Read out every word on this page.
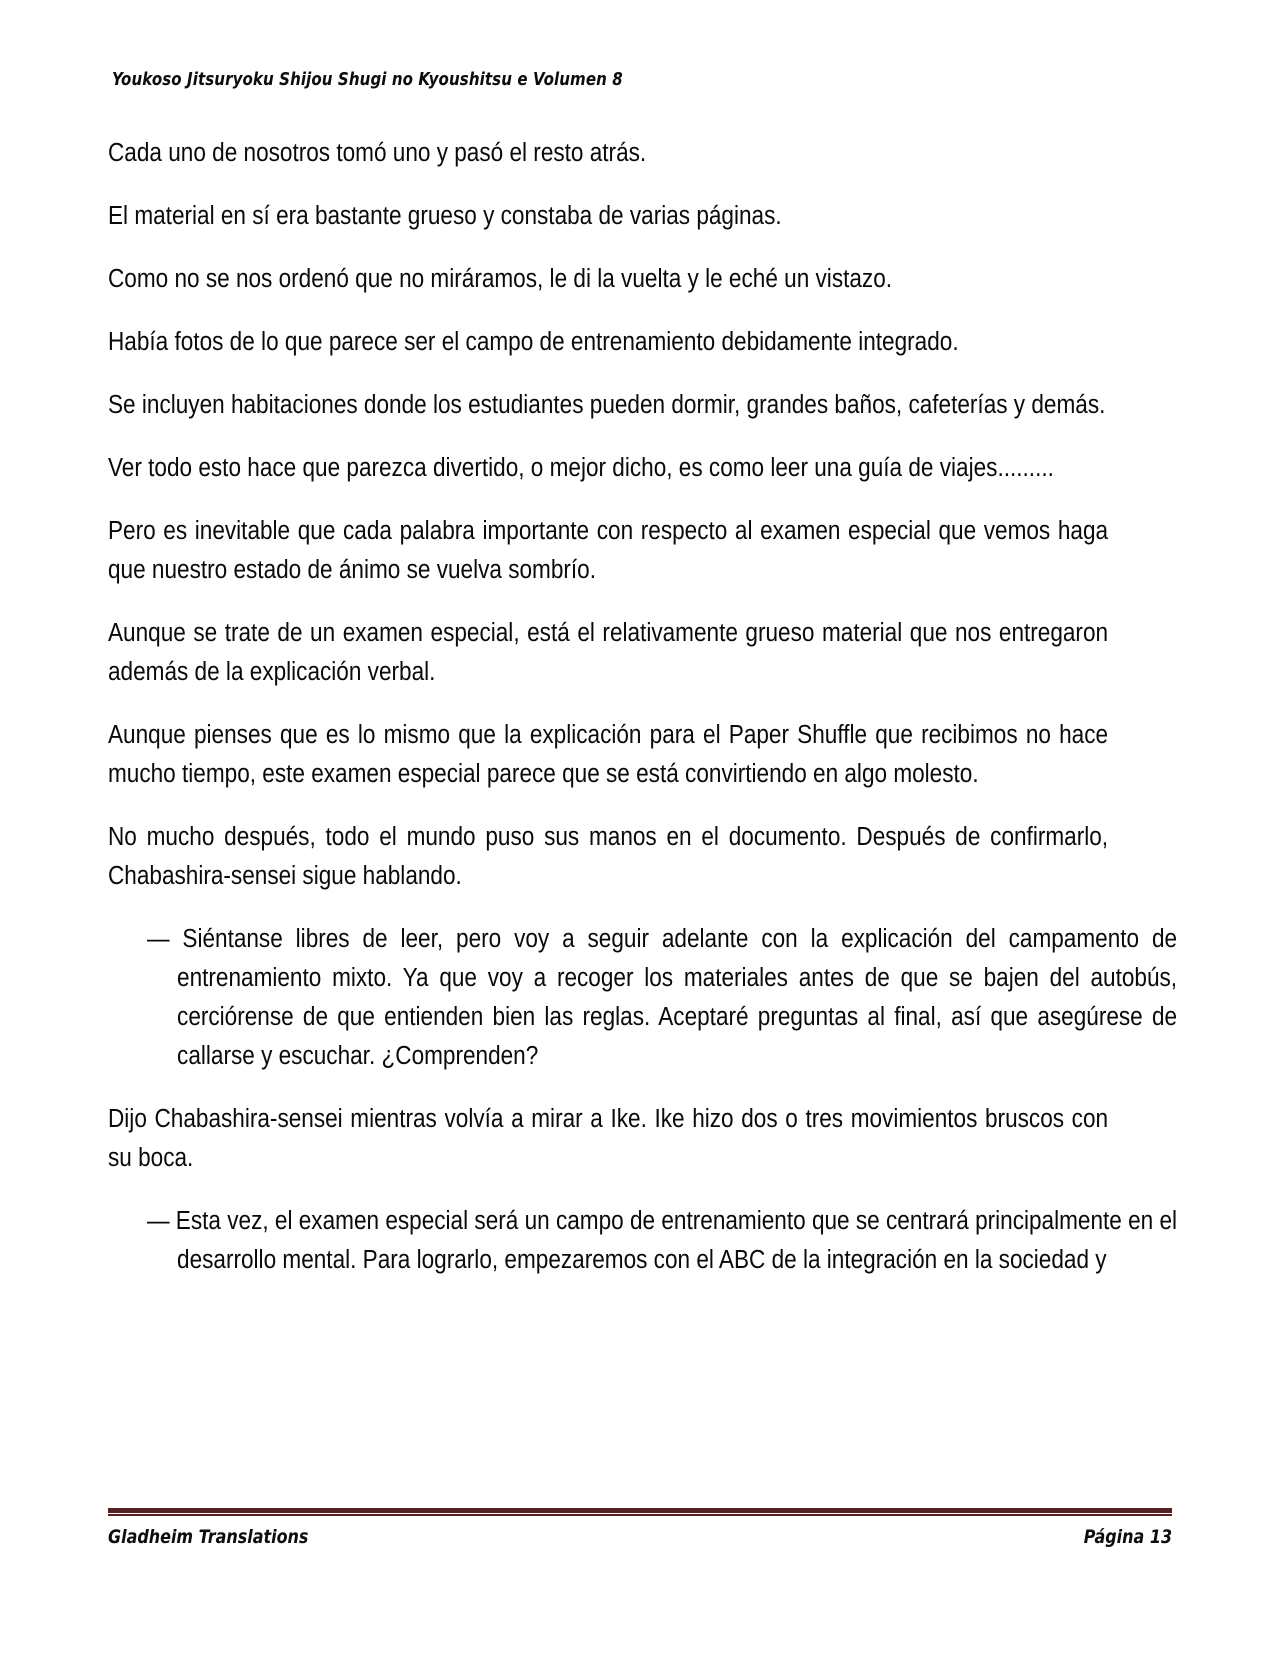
Youkoso Jitsuryoku Shijou Shugi no Kyoushitsu e Volumen 8

Cada uno de nosotros tomó uno y pasó el resto atrás.

El material en sí era bastante grueso y constaba de varias páginas.

Como no se nos ordenó que no miráramos, le di la vuelta y le eché un vistazo.

Había fotos de lo que parece ser el campo de entrenamiento debidamente integrado.

Se incluyen habitaciones donde los estudiantes pueden dormir, grandes baños, cafeterías y demás.

Ver todo esto hace que parezca divertido, o mejor dicho, es como leer una guía de viajes.........

Pero es inevitable que cada palabra importante con respecto al examen especial que vemos haga que nuestro estado de ánimo se vuelva sombrío.

Aunque se trate de un examen especial, está el relativamente grueso material que nos entregaron además de la explicación verbal.

Aunque pienses que es lo mismo que la explicación para el Paper Shuffle que recibimos no hace mucho tiempo, este examen especial parece que se está convirtiendo en algo molesto.

No mucho después, todo el mundo puso sus manos en el documento. Después de confirmarlo, Chabashira-sensei sigue hablando.

— Siéntanse libres de leer, pero voy a seguir adelante con la explicación del campamento de entrenamiento mixto. Ya que voy a recoger los materiales antes de que se bajen del autobús, cerciórense de que entienden bien las reglas. Aceptaré preguntas al final, así que asegúrese de callarse y escuchar. ¿Comprenden?

Dijo Chabashira-sensei mientras volvía a mirar a Ike. Ike hizo dos o tres movimientos bruscos con su boca.

— Esta vez, el examen especial será un campo de entrenamiento que se centrará principalmente en el desarrollo mental. Para lograrlo, empezaremos con el ABC de la integración en la sociedad y

Gladheim Translations	Página 13
